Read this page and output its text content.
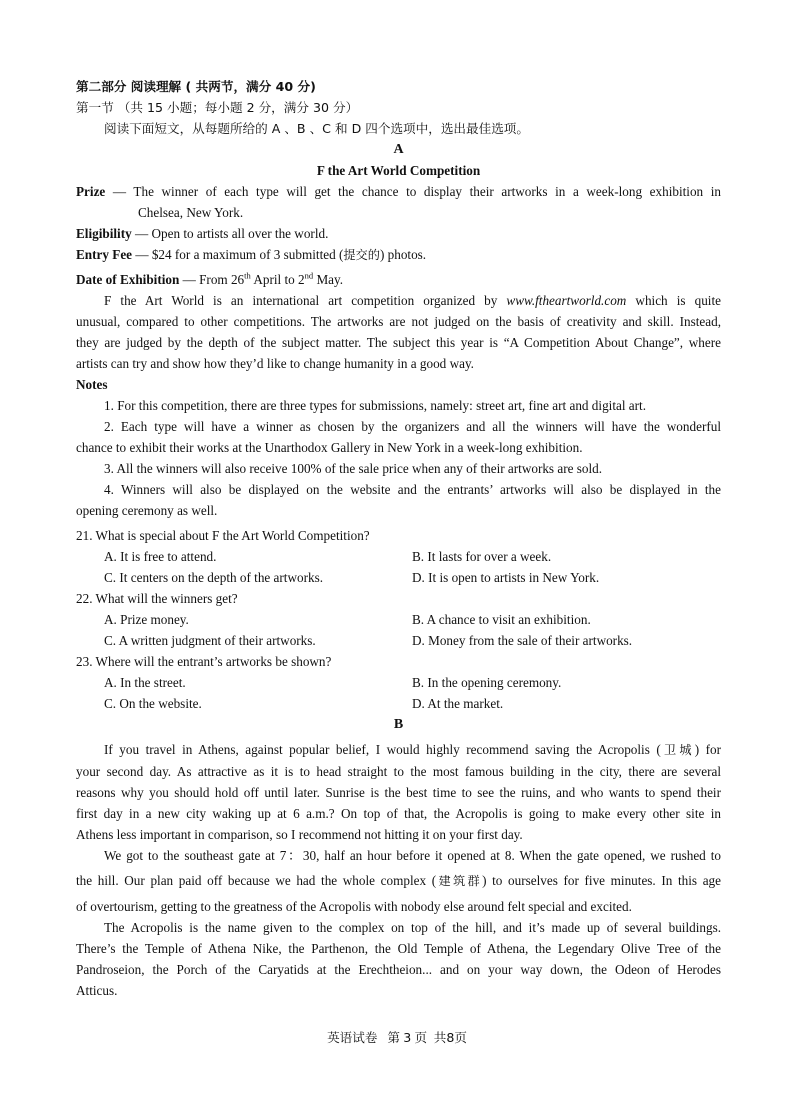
第二部分 阅读理解 ( 共两节，满分 40 分)

第一节 （共 15 小题；每小题 2 分，满分 30 分）

阅读下面短文，从每题所给的 A 、B 、C 和 D 四个选项中，选出最佳选项。

A

F the Art World Competition

Prize — The winner of each type will get the chance to display their artworks in a week-long exhibition in

Chelsea, New York.

Eligibility — Open to artists all over the world.

Entry Fee — $24 for a maximum of 3 submitted (提交的) photos.

Date of Exhibition — From 26th April to 2nd May.

F the Art World is an international art competition organized by www.ftheartworld.com which is quite

unusual, compared to other competitions. The artworks are not judged on the basis of creativity and skill. Instead,

they are judged by the depth of the subject matter. The subject this year is “A Competition About Change”, where

artists can try and show how they’d like to change humanity in a good way.

Notes

1. For this competition, there are three types for submissions, namely: street art, fine art and digital art.

2. Each type will have a winner as chosen by the organizers and all the winners will have the wonderful

chance to exhibit their works at the Unarthodox Gallery in New York in a week-long exhibition.

3. All the winners will also receive 100% of the sale price when any of their artworks are sold.

4. Winners will also be displayed on the website and the entrants’ artworks will also be displayed in the

opening ceremony as well.

21. What is special about F the Art World Competition?

A. It is free to attend.	B. It lasts for over a week.
C. It centers on the depth of the artworks.	D. It is open to artists in New York.

22. What will the winners get?

A. Prize money.	B. A chance to visit an exhibition.
C. A written judgment of their artworks.	D. Money from the sale of their artworks.

23. Where will the entrant’s artworks be shown?

A. In the street.	B. In the opening ceremony.
C. On the website.	D. At the market.

B

If you travel in Athens, against popular belief, I would highly recommend saving the Acropolis (卫城) for

your second day. As attractive as it is to head straight to the most famous building in the city, there are several

reasons why you should hold off until later. Sunrise is the best time to see the ruins, and who wants to spend their

first day in a new city waking up at 6 a.m.? On top of that, the Acropolis is going to make every other site in

Athens less important in comparison, so I recommend not hitting it on your first day.

We got to the southeast gate at 7：30, half an hour before it opened at 8. When the gate opened, we rushed to

the hill. Our plan paid off because we had the whole complex (建筑群) to ourselves for five minutes. In this age

of overtourism, getting to the greatness of the Acropolis with nobody else around felt special and excited.

The Acropolis is the name given to the complex on top of the hill, and it’s made up of several buildings.

There’s the Temple of Athena Nike, the Parthenon, the Old Temple of Athena, the Legendary Olive Tree of the

Pandroseion, the Porch of the Caryatids at the Erechtheion... and on your way down, the Odeon of Herodes

Atticus.

英语试卷 第 3 页 共8页
